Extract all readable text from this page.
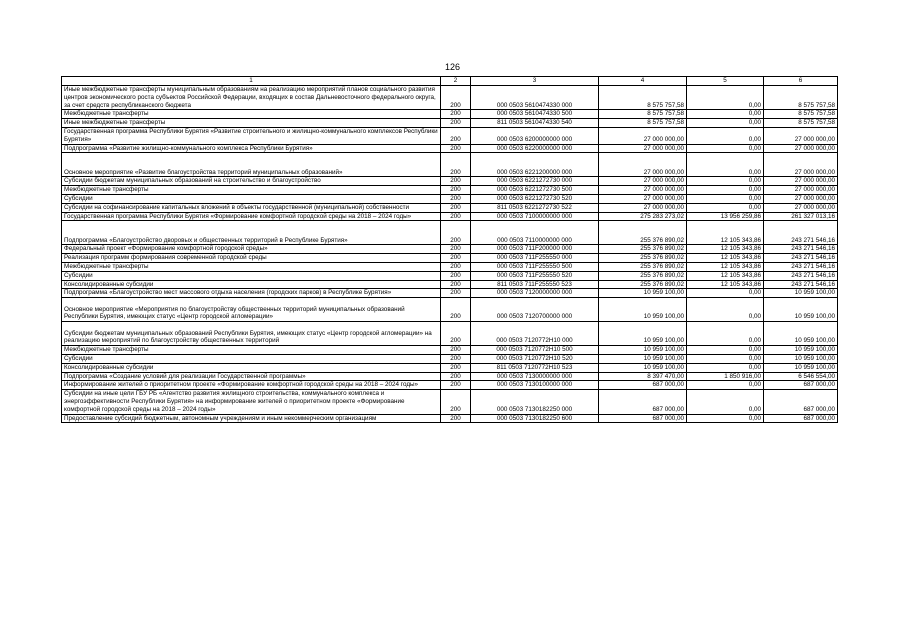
126
1	2	3	4	5	6
Иные межбюджетные трансферты муниципальным образованиям на реализацию мероприятий планов социального развития центров экономического роста субъектов Российской Федерации, входящих в состав Дальневосточного федерального округа, за счет средств республиканского бюджета	200	000 0503 5610474330 000	8 575 757,58	0,00	8 575 757,58
Межбюджетные трансферты	200	000 0503 5610474330 500	8 575 757,58	0,00	8 575 757,58
Иные межбюджетные трансферты	200	811 0503 5610474330 540	8 575 757,58	0,00	8 575 757,58
Государственная программа Республики Бурятия «Развитие строительного и жилищно-коммунального комплексов Республики Бурятия»	200	000 0503 6200000000 000	27 000 000,00	0,00	27 000 000,00
Подпрограмма «Развитие жилищно-коммунального комплекса Республики Бурятия»	200	000 0503 6220000000 000	27 000 000,00	0,00	27 000 000,00
Основное мероприятие «Развитие благоустройства территорий муниципальных образований»	200	000 0503 6221200000 000	27 000 000,00	0,00	27 000 000,00
Субсидии бюджетам муниципальных образований на строительство и благоустройство	200	000 0503 6221272730 000	27 000 000,00	0,00	27 000 000,00
Межбюджетные трансферты	200	000 0503 6221272730 500	27 000 000,00	0,00	27 000 000,00
Субсидии	200	000 0503 6221272730 520	27 000 000,00	0,00	27 000 000,00
Субсидии на софинансирование капитальных вложений в объекты государственной (муниципальной) собственности	200	811 0503 6221272730 522	27 000 000,00	0,00	27 000 000,00
Государственная программа Республики Бурятия «Формирование комфортной городской среды на 2018 – 2024 годы»	200	000 0503 7100000000 000	275 283 273,02	13 956 259,86	261 327 013,16
Подпрограмма «Благоустройство дворовых и общественных территорий в Республике Бурятия»	200	000 0503 7110000000 000	255 376 890,02	12 105 343,86	243 271 546,16
Федеральный проект «Формирование комфортной городской среды»	200	000 0503 711F200000 000	255 376 890,02	12 105 343,86	243 271 546,16
Реализация программ формирования современной городской среды	200	000 0503 711F255550 000	255 376 890,02	12 105 343,86	243 271 546,16
Межбюджетные трансферты	200	000 0503 711F255550 500	255 376 890,02	12 105 343,86	243 271 546,16
Субсидии	200	000 0503 711F255550 520	255 376 890,02	12 105 343,86	243 271 546,16
Консолидированные субсидии	200	811 0503 711F255550 523	255 376 890,02	12 105 343,86	243 271 546,16
Подпрограмма «Благоустройство мест массового отдыха населения (городских парков) в Республике Бурятия»	200	000 0503 7120000000 000	10 959 100,00	0,00	10 959 100,00
Основное мероприятие «Мероприятия по благоустройству общественных территорий муниципальных образований Республики Бурятия, имеющих статус «Центр городской агломерации»	200	000 0503 7120700000 000	10 959 100,00	0,00	10 959 100,00
Субсидии бюджетам муниципальных образований Республики Бурятия, имеющих статус «Центр городской агломерации» на реализацию мероприятий по благоустройству общественных территорий	200	000 0503 7120772H10 000	10 959 100,00	0,00	10 959 100,00
Межбюджетные трансферты	200	000 0503 7120772H10 500	10 959 100,00	0,00	10 959 100,00
Субсидии	200	000 0503 7120772H10 520	10 959 100,00	0,00	10 959 100,00
Консолидированные субсидии	200	811 0503 7120772H10 523	10 959 100,00	0,00	10 959 100,00
Подпрограмма «Создание условий для реализации Государственной программы»	200	000 0503 7130000000 000	8 397 470,00	1 850 916,00	6 546 554,00
Информирование жителей о приоритетном проекте «Формирование комфортной городской среды на 2018 – 2024 годы»	200	000 0503 7130100000 000	687 000,00	0,00	687 000,00
Субсидии на иные цели ГБУ РБ «Агентство развития жилищного строительства, коммунального комплекса и энергоэффективности Республики Бурятия» на информирование жителей о приоритетном проекте «Формирование комфортной городской среды на 2018 – 2024 годы»	200	000 0503 7130182250 000	687 000,00	0,00	687 000,00
Предоставление субсидий бюджетным, автономным учреждениям и иным некоммерческим организациям	200	000 0503 7130182250 600	687 000,00	0,00	687 000,00
